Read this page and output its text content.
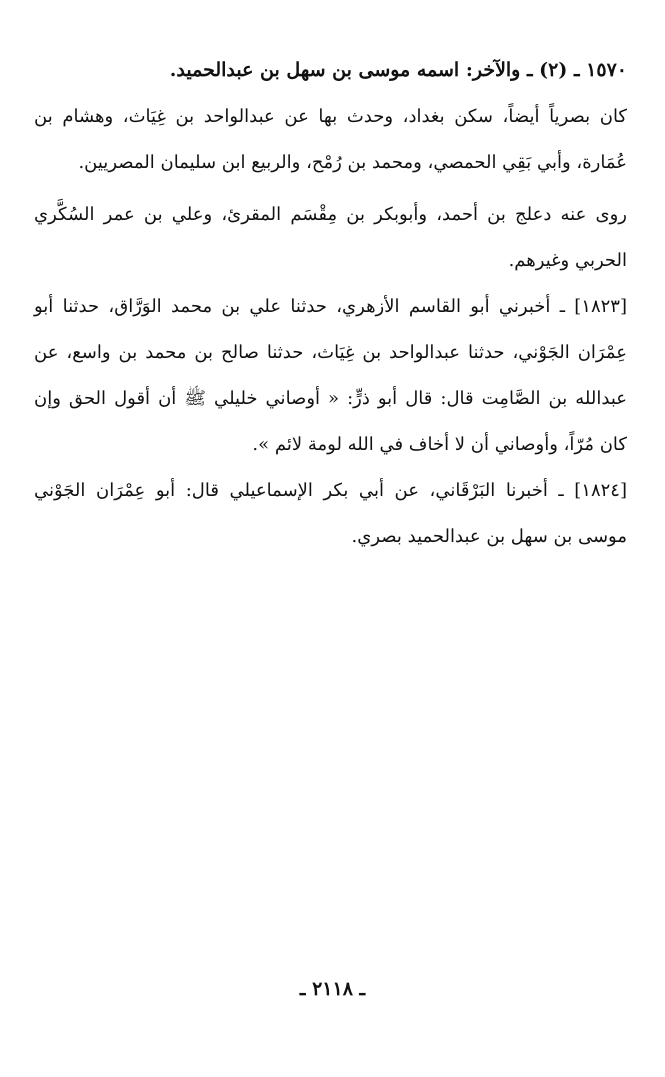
١٥٧٠ ـ (٢) ـ والآخر: اسمه موسى بن سهل بن عبدالحميد.

كان بصرياً أيضاً، سكن بغداد، وحدث بها عن عبدالواحد بن غِيَاث، وهشام بن عُمَارة، وأبي بَقِي الحمصي، ومحمد بن رُمْح، والربيع ابن سليمان المصريين.

روى عنه دعلج بن أحمد، وأبوبكر بن مِقْسَم المقرئ، وعلي بن عمر السُكَّري الحربي وغيرهم.

[١٨٢٣] ـ أخبرني أبو القاسم الأزهري، حدثنا علي بن محمد الوَرَّاق، حدثنا أبو عِمْرَان الجَوْني، حدثنا عبدالواحد بن غِيَاث، حدثنا صالح بن محمد بن واسع، عن عبدالله بن الصَّامِت قال: قال أبو ذرٍّ: « أوصاني خليلي ﷺ أن أقول الحق وإن كان مُرّاً، وأوصاني أن لا أخاف في الله لومة لائم ».

[١٨٢٤] ـ أخبرنا البَرْقَاني، عن أبي بكر الإسماعيلي قال: أبو عِمْرَان الجَوْني موسى بن سهل بن عبدالحميد بصري.

ـ ٢١١٨ ـ
